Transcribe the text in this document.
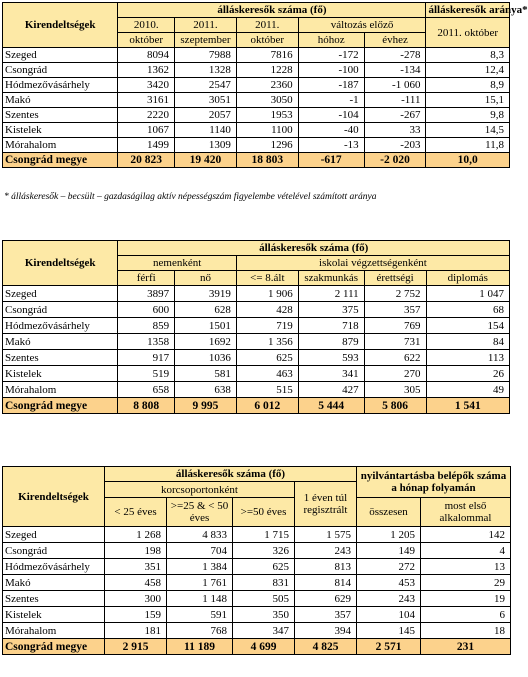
Kirendeltségek	álláskeresők száma (fő)					álláskeresők aránya*
	2010.	2011.	2011.	változás előző		2011. október
	október	szeptember	október	hóhoz	évhez	
Szeged	8094	7988	7816	-172	-278	8,3
Csongrád	1362	1328	1228	-100	-134	12,4
Hódmezővásárhely	3420	2547	2360	-187	-1 060	8,9
Makó	3161	3051	3050	-1	-111	15,1
Szentes	2220	2057	1953	-104	-267	9,8
Kistelek	1067	1140	1100	-40	33	14,5
Mórahalom	1499	1309	1296	-13	-203	11,8
Csongrád megye	20 823	19 420	18 803	-617	-2 020	10,0
* álláskeresők – becsült – gazdaságilag aktív népességszám figyelembe vételével számított aránya
Kirendeltségek	álláskeresők száma (fő)					
	nemenként		iskolai végzettségenként			
	férfi	nő	<= 8.ált	szakmunkás	érettségi	diplomás
Szeged	3897	3919	1 906	2 111	2 752	1 047
Csongrád	600	628	428	375	357	68
Hódmezővásárhely	859	1501	719	718	769	154
Makó	1358	1692	1 356	879	731	84
Szentes	917	1036	625	593	622	113
Kistelek	519	581	463	341	270	26
Mórahalom	658	638	515	427	305	49
Csongrád megye	8 808	9 995	6 012	5 444	5 806	1 541
Kirendeltségek	álláskeresők száma (fő)				nyilvántartásba belépők száma a hónap folyamán	
	korcsoportonként			1 éven túl regisztrált		
	< 25 éves	>=25 & < 50 éves	>=50 éves		összesen	most első alkalommal
Szeged	1 268	4 833	1 715	1 575	1 205	142
Csongrád	198	704	326	243	149	4
Hódmezővásárhely	351	1 384	625	813	272	13
Makó	458	1 761	831	814	453	29
Szentes	300	1 148	505	629	243	19
Kistelek	159	591	350	357	104	6
Mórahalom	181	768	347	394	145	18
Csongrád megye	2 915	11 189	4 699	4 825	2 571	231
